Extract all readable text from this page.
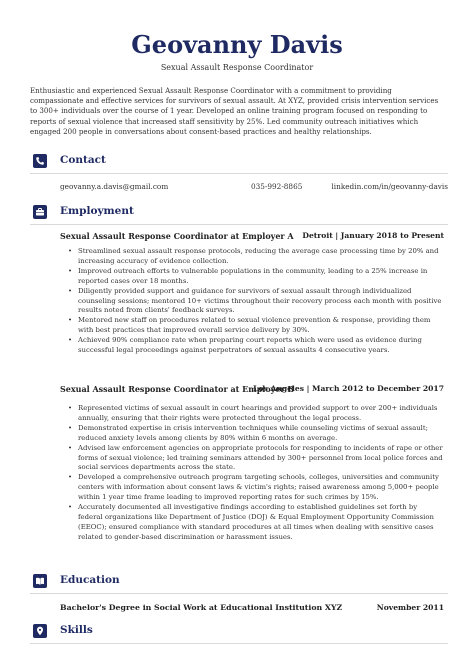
Geovanny Davis
Sexual Assault Response Coordinator

Enthusiastic and experienced Sexual Assault Response Coordinator with a commitment to providing compassionate and effective services for survivors of sexual assault. At XYZ, provided crisis intervention services to 300+ individuals over the course of 1 year. Developed an online training program focused on responding to reports of sexual violence that increased staff sensitivity by 25%. Led community outreach initiatives which engaged 200 people in conversations about consent-based practices and healthy relationships.

Contact
geovanny.a.davis@gmail.com	035-992-8865	linkedin.com/in/geovanny-davis
Employment
Sexual Assault Response Coordinator at Employer A Detroit | January 2018 to Present
• Streamlined sexual assault response protocols, reducing the average case processing time by 20% and increasing accuracy of evidence collection.
• Improved outreach efforts to vulnerable populations in the community, leading to a 25% increase in reported cases over 18 months.
• Diligently provided support and guidance for survivors of sexual assault through individualized counseling sessions; mentored 10+ victims throughout their recovery process each month with positive results noted from clients' feedback surveys.
• Mentored new staff on procedures related to sexual violence prevention & response, providing them with best practices that improved overall service delivery by 30%.
• Achieved 90% compliance rate when preparing court reports which were used as evidence during successful legal proceedings against perpetrators of sexual assaults 4 consecutive years.
Sexual Assault Response Coordinator at Employer B
Los Angeles | March 2012 to December 2017
• Represented victims of sexual assault in court hearings and provided support to over 200+ individuals annually, ensuring that their rights were protected throughout the legal process.
• Demonstrated expertise in crisis intervention techniques while counseling victims of sexual assault; reduced anxiety levels among clients by 80% within 6 months on average.
• Advised law enforcement agencies on appropriate protocols for responding to incidents of rape or other forms of sexual violence; led training seminars attended by 300+ personnel from local police forces and social services departments across the state.
• Developed a comprehensive outreach program targeting schools, colleges, universities and community centers with information about consent laws & victim's rights; raised awareness among 5,000+ people within 1 year time frame leading to improved reporting rates for such crimes by 15%.
• Accurately documented all investigative findings according to established guidelines set forth by federal organizations like Department of Justice (DOJ) & Equal Employment Opportunity Commission (EEOC); ensured compliance with standard procedures at all times when dealing with sensitive cases related to gender-based discrimination or harassment issues.
Education
Bachelor's Degree in Social Work at Educational Institution XYZ	November 2011
Skills
